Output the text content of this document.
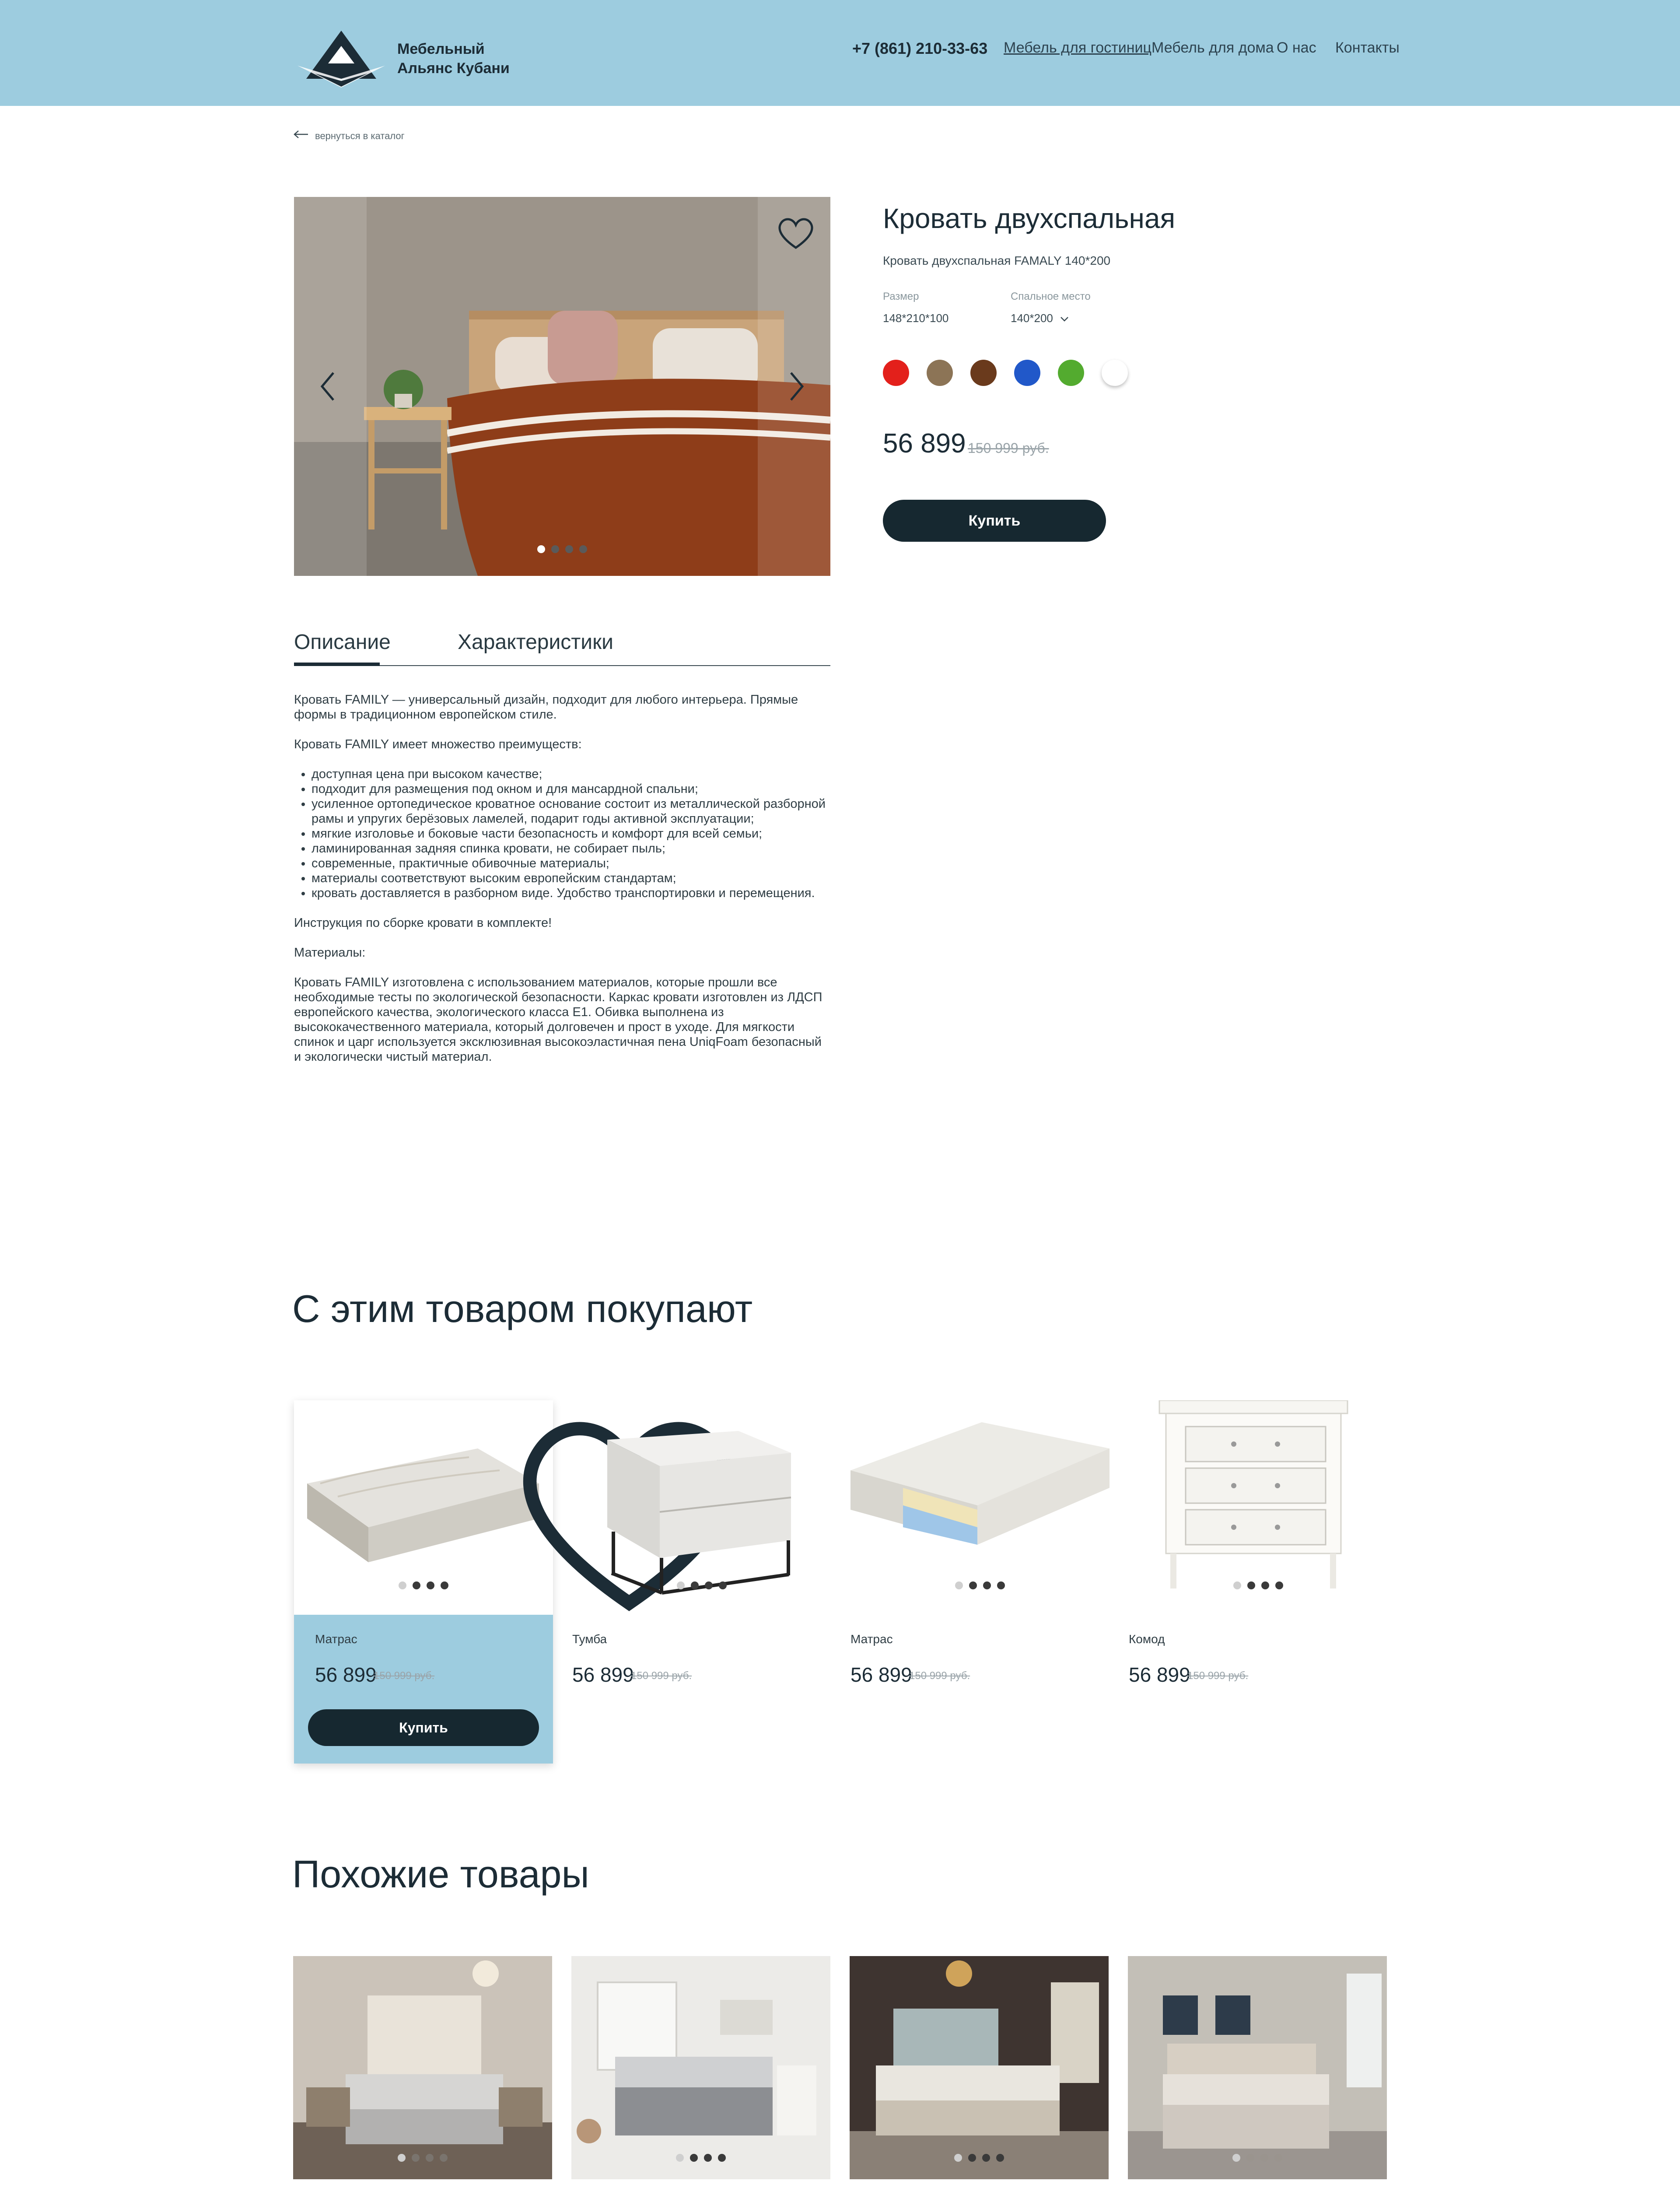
Мебельный
Альянс Кубани
+7 (861) 210-33-63 Мебель для гостиниц Мебель для дома О нас Контакты
вернуться в каталог
Кровать двухспальная
Кровать двухспальная FAMALY 140*200
Размер
148*210*100
Спальное место
140*200
56 899 150 999 руб.
Купить
Описание	Характеристики

Кровать FAMILY — универсальный дизайн, подходит для любого интерьера. Прямые формы в традиционном европейском стиле.

Кровать FAMILY имеет множество преимуществ:

• доступная цена при высоком качестве;
• подходит для размещения под окном и для мансардной спальни;
• усиленное ортопедическое кроватное основание состоит из металлической разборной рамы и упругих берёзовых ламелей, подарит годы активной эксплуатации;
• мягкие изголовье и боковые части безопасность и комфорт для всей семьи;
• ламинированная задняя спинка кровати, не собирает пыль;
• современные, практичные обивочные материалы;
• материалы соответствуют высоким европейским стандартам;
• кровать доставляется в разборном виде. Удобство транспортировки и перемещения.

Инструкция по сборке кровати в комплекте!

Материалы:

Кровать FAMILY изготовлена с использованием материалов, которые прошли все необходимые тесты по экологической безопасности. Каркас кровати изготовлен из ЛДСП европейского качества, экологического класса Е1. Обивка выполнена из высококачественного материала, который долговечен и прост в уходе. Для мягкости спинок и царг используется эксклюзивная высокоэластичная пена UniqFoam безопасный и экологически чистый материал.

С этим товаром покупают
Матрас
56 899
150 999 руб.
Купить
Тумба
56 899
150 999 руб.
Матрас
56 899
150 999 руб.
Комод
56 899
150 999 руб.
Похожие товары
